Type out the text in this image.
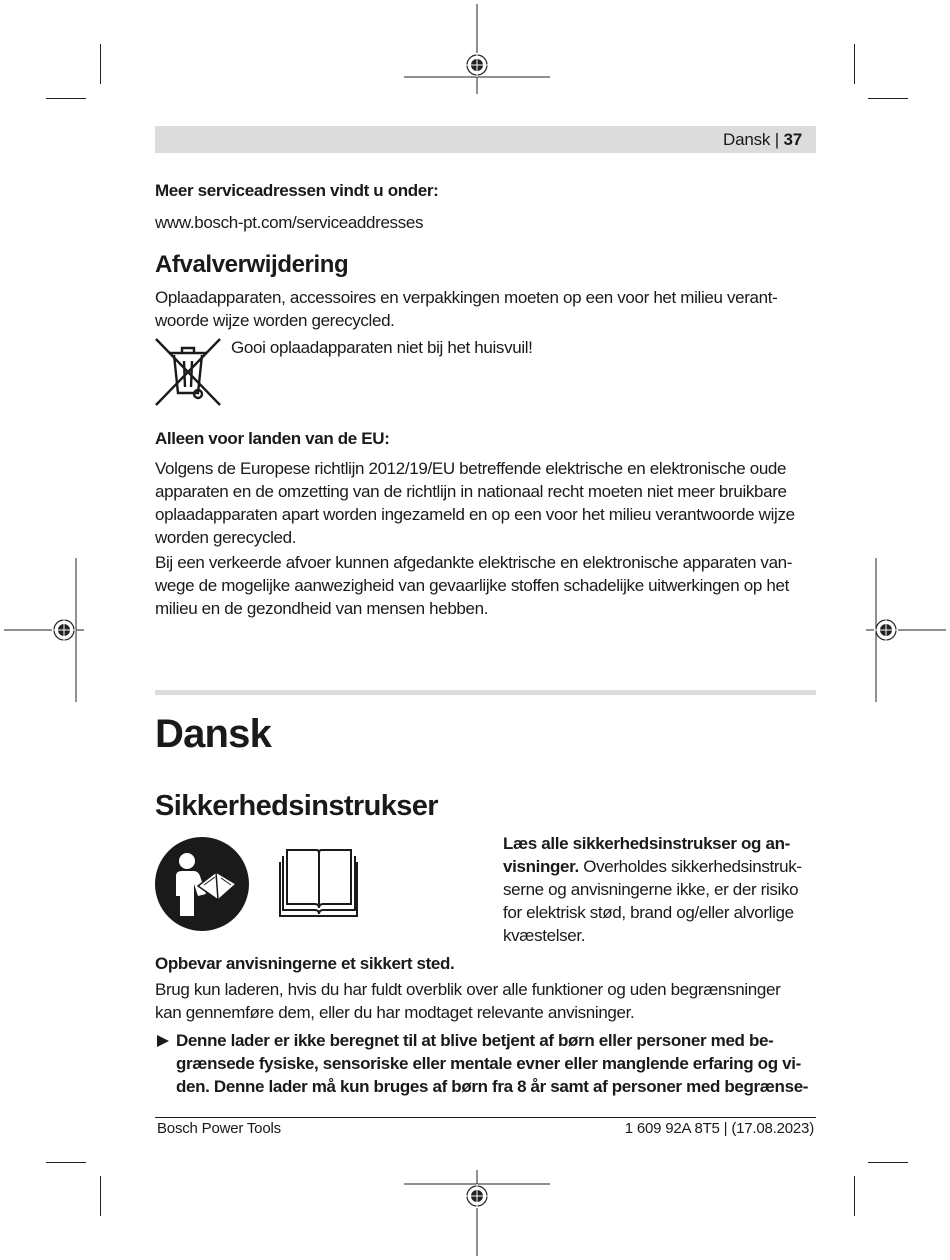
Dansk | 37
Meer serviceadressen vindt u onder:
www.bosch-pt.com/serviceaddresses
Afvalverwijdering
Oplaadapparaten, accessoires en verpakkingen moeten op een voor het milieu verant-
woorde wijze worden gerecycled.
Gooi oplaadapparaten niet bij het huisvuil!
Alleen voor landen van de EU:
Volgens de Europese richtlijn 2012/19/EU betreffende elektrische en elektronische oude
apparaten en de omzetting van de richtlijn in nationaal recht moeten niet meer bruikbare
oplaadapparaten apart worden ingezameld en op een voor het milieu verantwoorde wijze
worden gerecycled.
Bij een verkeerde afvoer kunnen afgedankte elektrische en elektronische apparaten van-
wege de mogelijke aanwezigheid van gevaarlijke stoffen schadelijke uitwerkingen op het
milieu en de gezondheid van mensen hebben.
Dansk
Sikkerhedsinstrukser
Læs alle sikkerhedsinstrukser og an-
visninger. Overholdes sikkerhedsinstruk-
serne og anvisningerne ikke, er der risiko
for elektrisk stød, brand og/eller alvorlige
kvæstelser.
Opbevar anvisningerne et sikkert sted.
Brug kun laderen, hvis du har fuldt overblik over alle funktioner og uden begrænsninger
kan gennemføre dem, eller du har modtaget relevante anvisninger.
Denne lader er ikke beregnet til at blive betjent af børn eller personer med be-
grænsede fysiske, sensoriske eller mentale evner eller manglende erfaring og vi-
den. Denne lader må kun bruges af børn fra 8 år samt af personer med begrænse-
Bosch Power Tools	1 609 92A 8T5 | (17.08.2023)
